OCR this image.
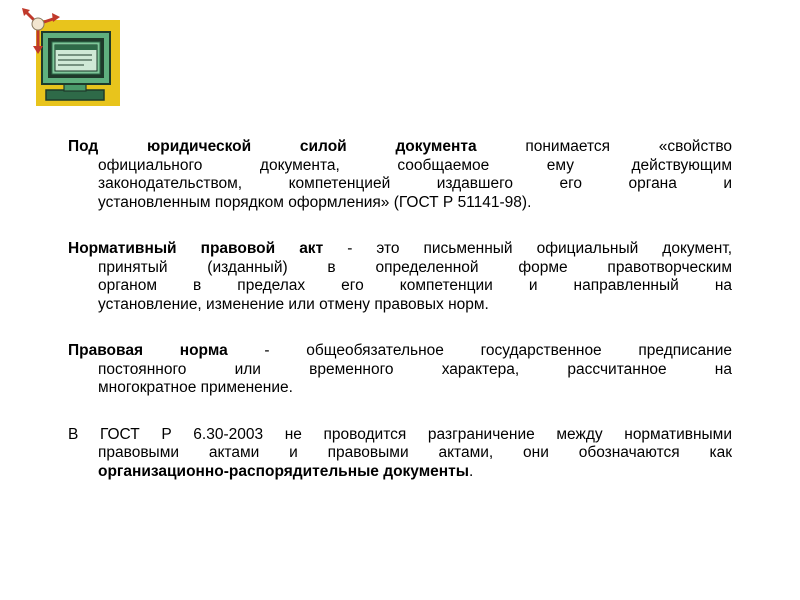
Под юридической силой документа понимается «свойство
официального документа, сообщаемое ему действующим
законодательством, компетенцией издавшего его органа и
установленным порядком оформления» (ГОСТ Р 51141-98).

Нормативный правовой акт - это письменный официальный документ,
принятый (изданный) в определенной форме правотворческим
органом в пределах его компетенции и направленный на
установление, изменение или отмену правовых норм.

Правовая норма - общеобязательное государственное предписание
постоянного или временного характера, рассчитанное на
многократное применение.

В ГОСТ Р 6.30-2003 не проводится разграничение между нормативными
правовыми актами и правовыми актами, они обозначаются как
организационно-распорядительные документы.
